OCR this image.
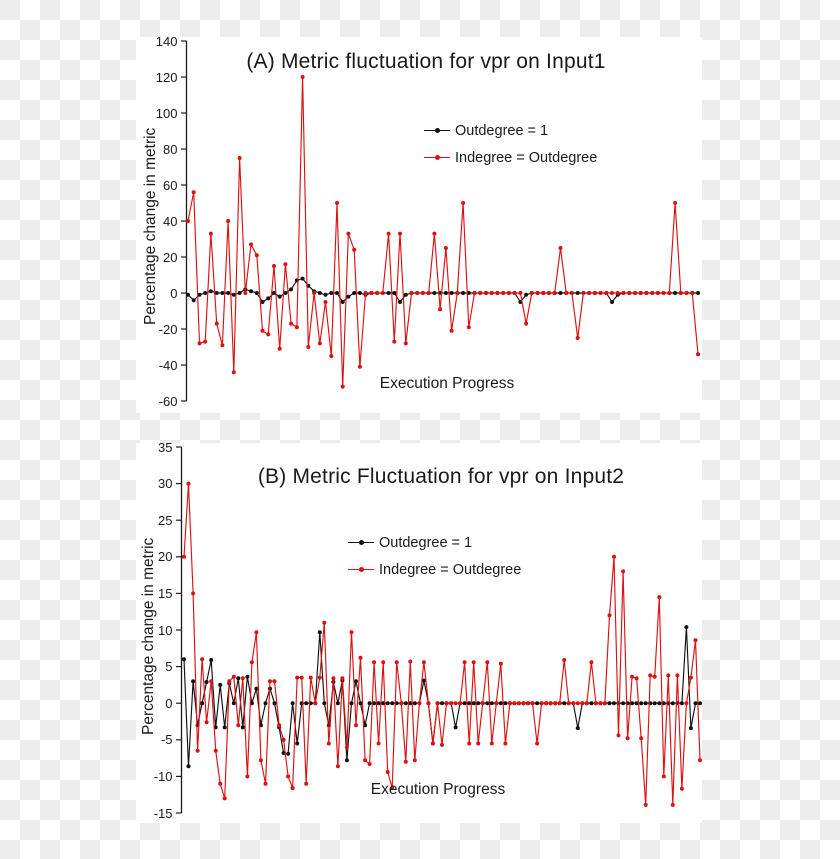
(A) Metric fluctuation for vpr on Input1
Percentage change in metric
Execution Progress
Outdegree = 1
Indegree = Outdegree
140
120
100
80
60
40
20
0
-20
-40
-60
(B) Metric Fluctuation for vpr on Input2
Percentage change in metric
Execution Progress
Outdegree = 1
Indegree = Outdegree
35
30
25
20
15
10
5
0
-5
-10
-15
